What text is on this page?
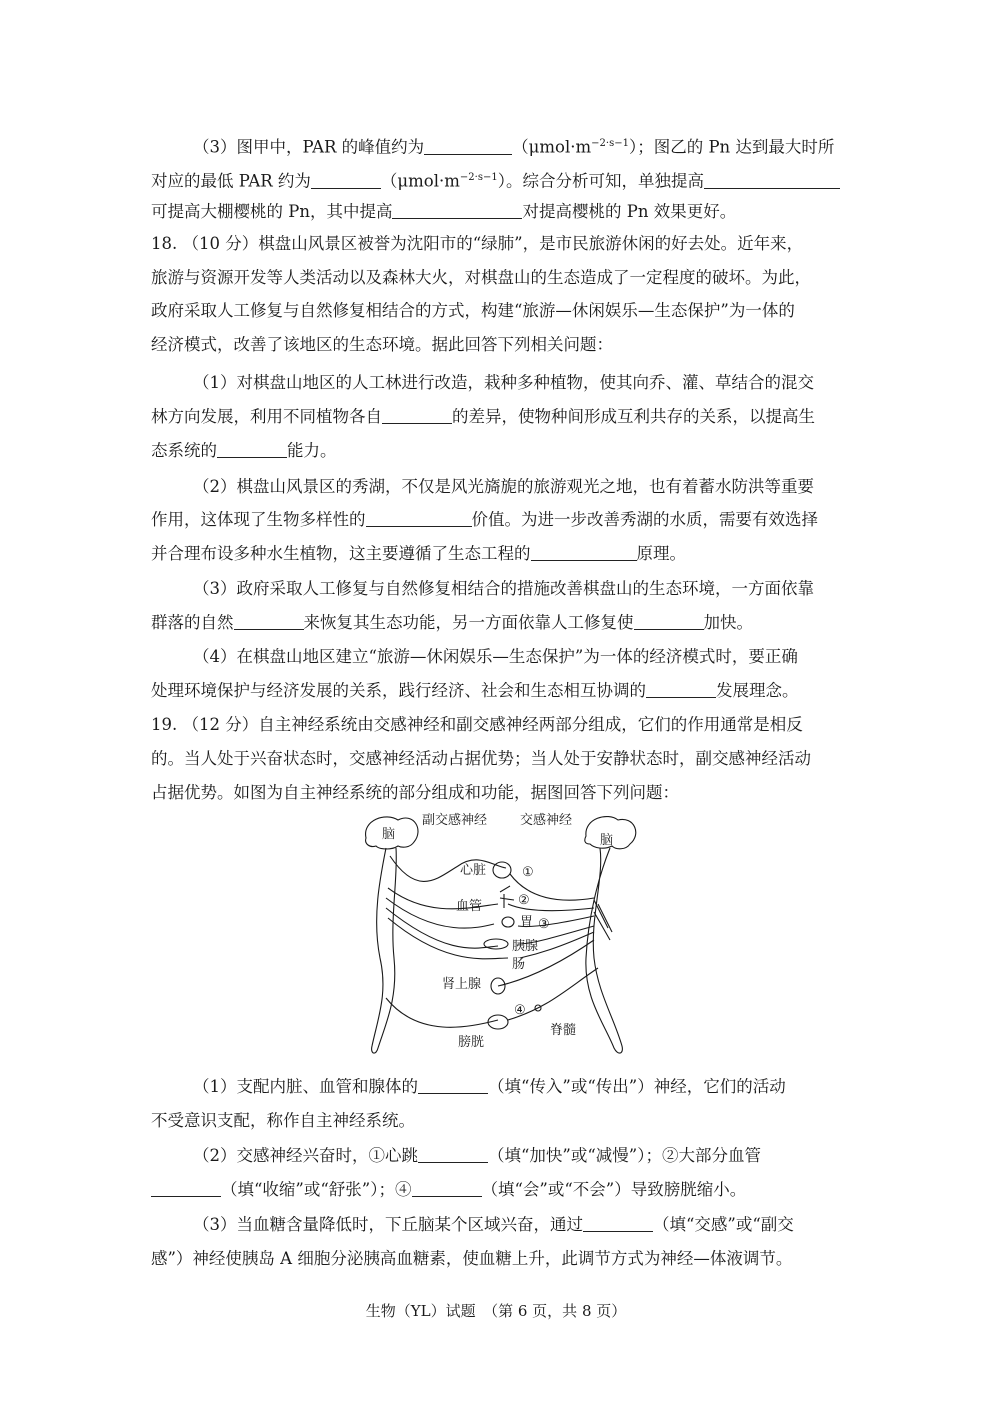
（3）图甲中，PAR 的峰值约为	$(\mu mol\cdot m^{-2\cdot s-1})$；图乙的 Pn 达到最大时所
对应的最低 PAR 约为	$(\mu mol\cdot m^{-2\cdot s-1})$。综合分析可知，单独提高
可提高大棚樱桃的 Pn，其中提高	对提高樱桃的 Pn 效果更好。
18. （10 分）棋盘山风景区被誉为沈阳市的“绿肺”，是市民旅游休闲的好去处。近年来，
旅游与资源开发等人类活动以及森林大火，对棋盘山的生态造成了一定程度的破坏。为此，
政府采取人工修复与自然修复相结合的方式，构建“旅游—休闲娱乐—生态保护”为一体的
经济模式，改善了该地区的生态环境。据此回答下列相关问题：
（1）对棋盘山地区的人工林进行改造，栽种多种植物，使其向乔、灌、草结合的混交
林方向发展，利用不同植物各自	的差异，使物种间形成互利共存的关系，以提高生
态系统的	能力。
（2）棋盘山风景区的秀湖，不仅是风光旖旎的旅游观光之地，也有着蓄水防洪等重要
作用，这体现了生物多样性的	价值。为进一步改善秀湖的水质，需要有效选择
并合理布设多种水生植物，这主要遵循了生态工程的	原理。
（3）政府采取人工修复与自然修复相结合的措施改善棋盘山的生态环境，一方面依靠
群落的自然	来恢复其生态功能，另一方面依靠人工修复使	加快。
（4）在棋盘山地区建立“旅游—休闲娱乐—生态保护”为一体的经济模式时，要正确
处理环境保护与经济发展的关系，践行经济、社会和生态相互协调的	发展理念。
19. （12 分）自主神经系统由交感神经和副交感神经两部分组成，它们的作用通常是相反
的。当人处于兴奋状态时，交感神经活动占据优势；当人处于安静状态时，副交感神经活动
占据优势。如图为自主神经系统的部分组成和功能，据图回答下列问题：
副交感神经	交感神经
脑	脑
心脏	①
血管	②
胃 ③
胰腺
肠
肾上腺
④
脊髓
膀胱
（1）支配内脏、血管和腺体的	（填“传入”或“传出”）神经，它们的活动
不受意识支配，称作自主神经系统。
（2）交感神经兴奋时，①心跳	（填“加快”或“减慢”）；②大部分血管
（填“收缩”或“舒张”）；④	（填“会”或“不会”）导致膀胱缩小。
（3）当血糖含量降低时，下丘脑某个区域兴奋，通过	（填“交感”或“副交
感”）神经使胰岛 A 细胞分泌胰高血糖素，使血糖上升，此调节方式为神经—体液调节。
生物（YL）试题　（第 6 页，共 8 页）
